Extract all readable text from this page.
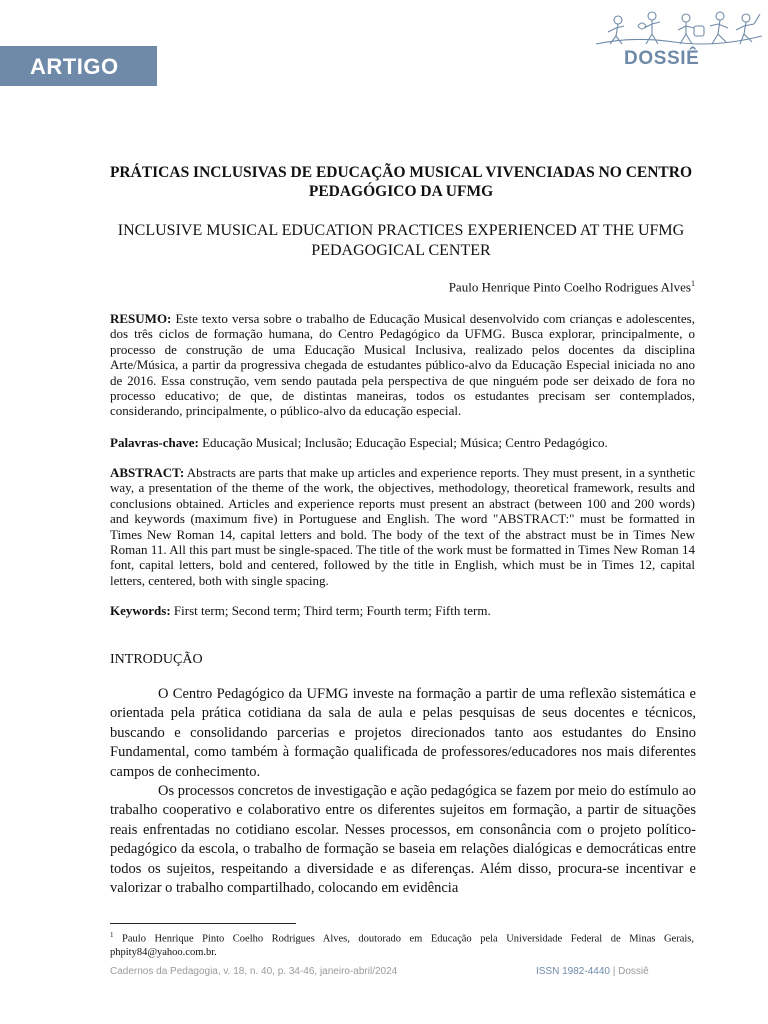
ARTIGO	DOSSIÊ
PRÁTICAS INCLUSIVAS DE EDUCAÇÃO MUSICAL VIVENCIADAS NO CENTRO PEDAGÓGICO DA UFMG
INCLUSIVE MUSICAL EDUCATION PRACTICES EXPERIENCED AT THE UFMG PEDAGOGICAL CENTER
Paulo Henrique Pinto Coelho Rodrigues Alves$^1$
RESUMO: Este texto versa sobre o trabalho de Educação Musical desenvolvido com crianças e adolescentes, dos três ciclos de formação humana, do Centro Pedagógico da UFMG. Busca explorar, principalmente, o processo de construção de uma Educação Musical Inclusiva, realizado pelos docentes da disciplina Arte/Música, a partir da progressiva chegada de estudantes público-alvo da Educação Especial iniciada no ano de 2016. Essa construção, vem sendo pautada pela perspectiva de que ninguém pode ser deixado de fora no processo educativo; de que, de distintas maneiras, todos os estudantes precisam ser contemplados, considerando, principalmente, o público-alvo da educação especial.
Palavras-chave: Educação Musical; Inclusão; Educação Especial; Música; Centro Pedagógico.
ABSTRACT: Abstracts are parts that make up articles and experience reports. They must present, in a synthetic way, a presentation of the theme of the work, the objectives, methodology, theoretical framework, results and conclusions obtained. Articles and experience reports must present an abstract (between 100 and 200 words) and keywords (maximum five) in Portuguese and English. The word "ABSTRACT:" must be formatted in Times New Roman 14, capital letters and bold. The body of the text of the abstract must be in Times New Roman 11. All this part must be single-spaced. The title of the work must be formatted in Times New Roman 14 font, capital letters, bold and centered, followed by the title in English, which must be in Times 12, capital letters, centered, both with single spacing.
Keywords: First term; Second term; Third term; Fourth term; Fifth term.
INTRODUÇÃO

O Centro Pedagógico da UFMG investe na formação a partir de uma reflexão sistemática e orientada pela prática cotidiana da sala de aula e pelas pesquisas de seus docentes e técnicos, buscando e consolidando parcerias e projetos direcionados tanto aos estudantes do Ensino Fundamental, como também à formação qualificada de professores/educadores nos mais diferentes campos de conhecimento.

Os processos concretos de investigação e ação pedagógica se fazem por meio do estímulo ao trabalho cooperativo e colaborativo entre os diferentes sujeitos em formação, a partir de situações reais enfrentadas no cotidiano escolar. Nesses processos, em consonância com o projeto político-pedagógico da escola, o trabalho de formação se baseia em relações dialógicas e democráticas entre todos os sujeitos, respeitando a diversidade e as diferenças. Além disso, procura-se incentivar e valorizar o trabalho compartilhado, colocando em evidência

$^1$ Paulo Henrique Pinto Coelho Rodrigues Alves, doutorado em Educação pela Universidade Federal de Minas Gerais, phpity84@yahoo.com.br.
Cadernos da Pedagogia, v. 18, n. 40, p. 34-46, janeiro-abril/2024	ISSN 1982-4440 | Dossiê
